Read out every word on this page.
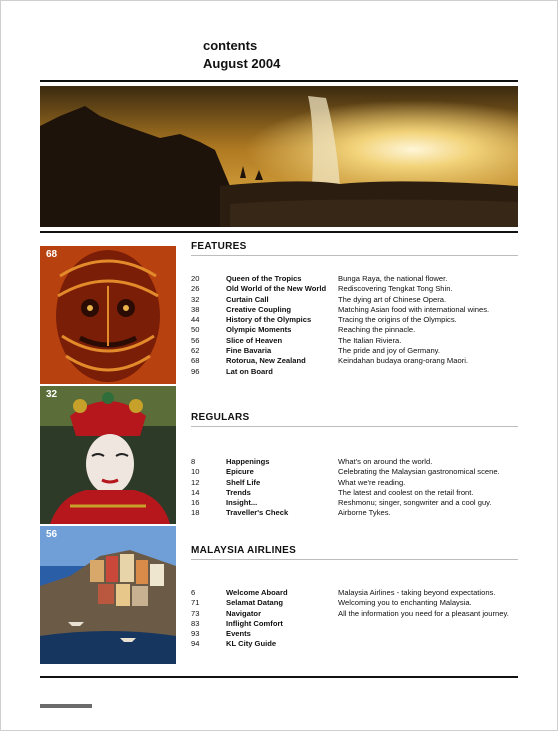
contents
August 2004
68
32
56
FEATURES
20	Queen of the Tropics	Bunga Raya, the national flower.
26	Old World of the New World	Rediscovering Tengkat Tong Shin.
32	Curtain Call	The dying art of Chinese Opera.
38	Creative Coupling	Matching Asian food with international wines.
44	History of the Olympics	Tracing the origins of the Olympics.
50	Olympic Moments	Reaching the pinnacle.
56	Slice of Heaven	The Italian Riviera.
62	Fine Bavaria	The pride and joy of Germany.
68	Rotorua, New Zealand	Keindahan budaya orang-orang Maori.
96	Lat on Board
REGULARS
8	Happenings	What's on around the world.
10	Epicure	Celebrating the Malaysian gastronomical scene.
12	Shelf Life	What we're reading.
14	Trends	The latest and coolest on the retail front.
16	Insight...	Reshmonu; singer, songwriter and a cool guy.
18	Traveller's Check	Airborne Tykes.
MALAYSIA AIRLINES
6	Welcome Aboard	Malaysia Airlines - taking beyond expectations.
71	Selamat Datang	Welcoming you to enchanting Malaysia.
73	Navigator	All the information you need for a pleasant journey.
83	Inflight Comfort
93	Events
94	KL City Guide
